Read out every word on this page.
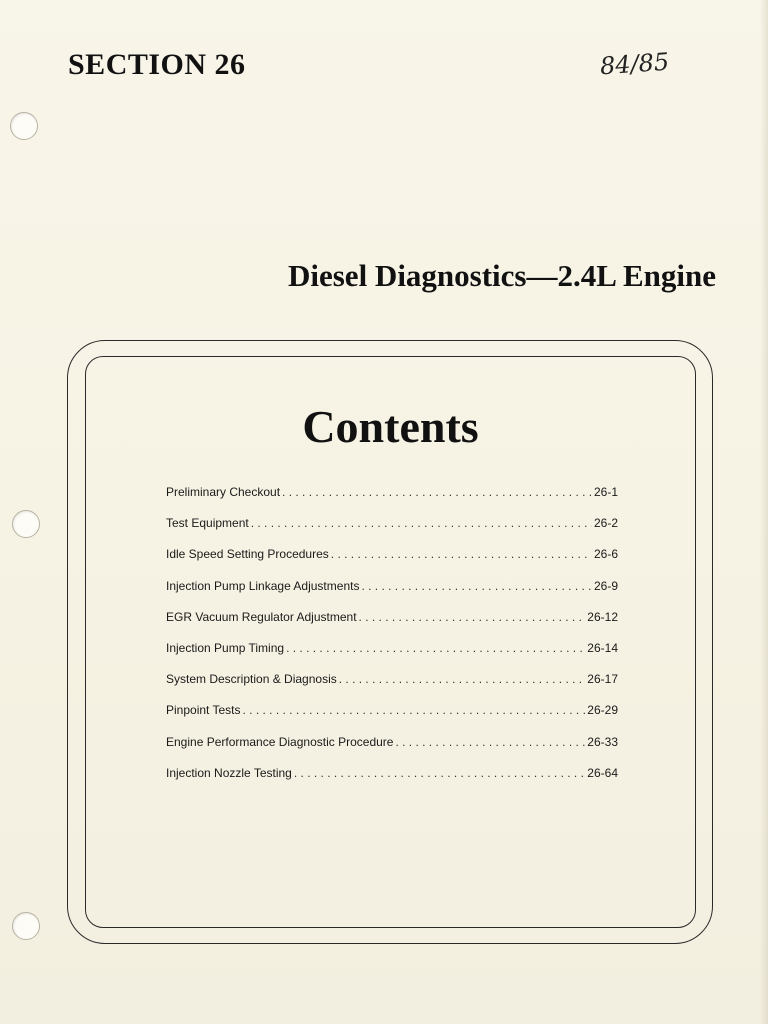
SECTION 26	84/85
Diesel Diagnostics—2.4L Engine
Contents
Preliminary Checkout . . .	26-1
Test Equipment . . .	26-2
Idle Speed Setting Procedures . . .	26-6
Injection Pump Linkage Adjustments . . .	26-9
EGR Vacuum Regulator Adjustment . . .	26-12
Injection Pump Timing . . .	26-14
System Description & Diagnosis . . .	26-17
Pinpoint Tests . . .	26-29
Engine Performance Diagnostic Procedure . . .	26-33
Injection Nozzle Testing . . .	26-64
